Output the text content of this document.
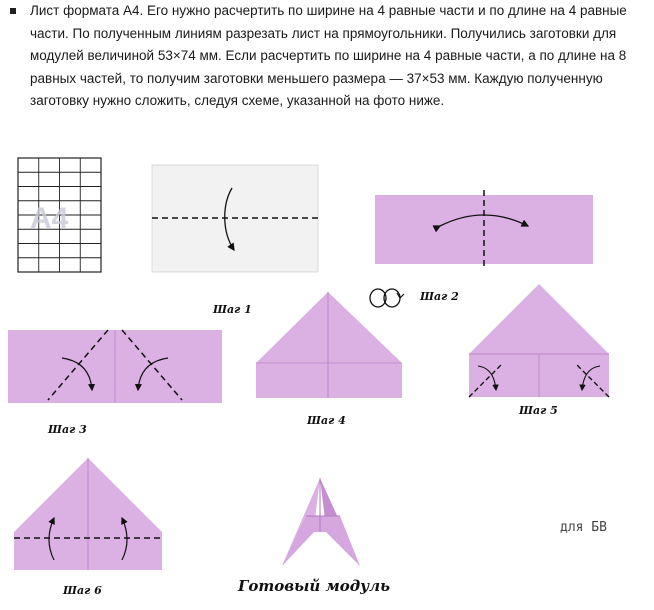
Лист формата А4. Его нужно расчертить по ширине на 4 равные части и по длине на 4 равные части. По полученным линиям разрезать лист на прямоугольники. Получились заготовки для модулей величиной 53×74 мм. Если расчертить по ширине на 4 равные части, а по длине на 8 равных частей, то получим заготовки меньшего размера — 37×53 мм. Каждую полученную заготовку нужно сложить, следуя схеме, указанной на фото ниже.
А4
Шаг 1
Шаг 2
Шаг 3
Шаг 4
Шаг 5
Шаг 6	Готовый модуль
для БВ
